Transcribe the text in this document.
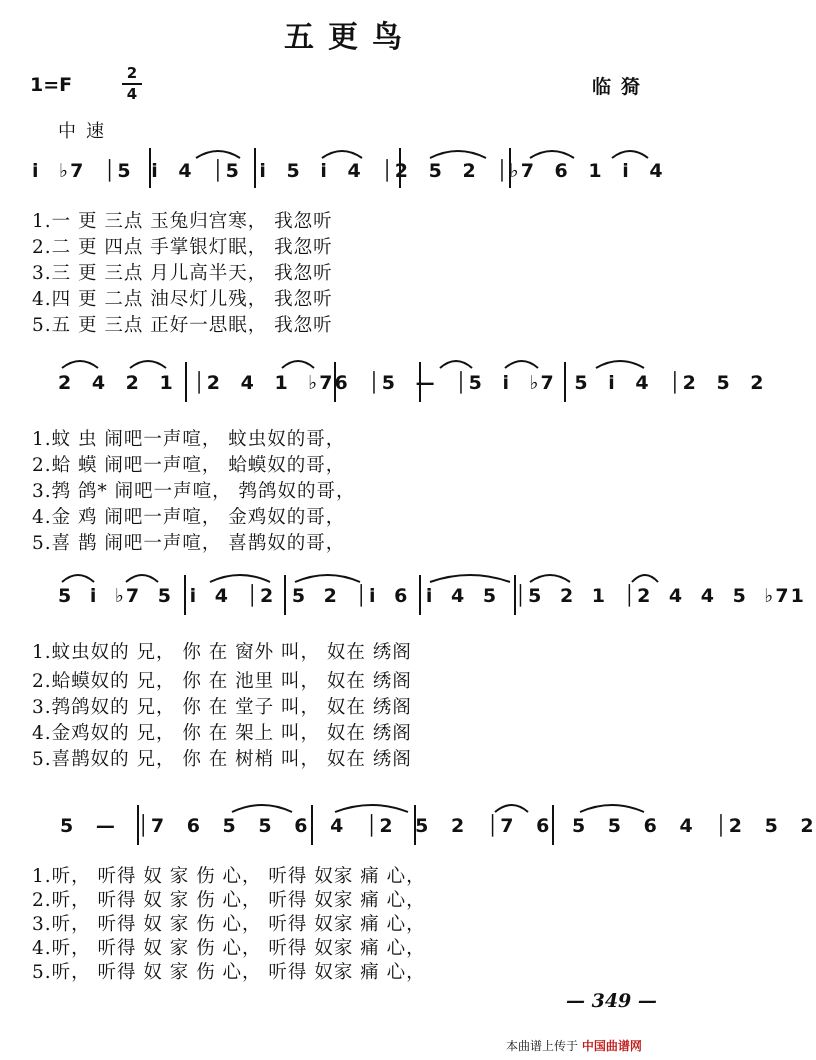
五更鸟
1=F
2
4	临猗
中速
i ♭7 │5 i 4 │5 i 5 i 4 │2 5 2 │♭7 6 1 i 4
1.一 更 三点 玉兔归宫寒， 我忽听
2.二 更 四点 手掌银灯眠， 我忽听
3.三 更 三点 月儿高半天， 我忽听
4.四 更 二点 油尽灯儿残， 我忽听
5.五 更 三点 正好一思眠， 我忽听
2 4 2 1 │2 4 1 ♭76 │5 — │5 i ♭7 5 i 4 │2 5 2
1.蚊 虫 闹吧一声喧， 蚊虫奴的哥，
2.蛤 蟆 闹吧一声喧， 蛤蟆奴的哥，
3.鹁 鸽* 闹吧一声喧， 鹁鸽奴的哥，
4.金 鸡 闹吧一声喧， 金鸡奴的哥，
5.喜 鹊 闹吧一声喧， 喜鹊奴的哥，
5 i ♭7 5 i 4 │2 5 2 │i 6 i 4 5 │5 2 1 │2 4 4 5 ♭71
1.蚊虫奴的 兄， 你 在 窗外 叫， 奴在 绣阁
2.蛤蟆奴的 兄， 你 在 池里 叫， 奴在 绣阁
3.鹁鸽奴的 兄， 你 在 堂子 叫， 奴在 绣阁
4.金鸡奴的 兄， 你 在 架上 叫， 奴在 绣阁
5.喜鹊奴的 兄， 你 在 树梢 叫， 奴在 绣阁
5 — │7 6 5 5 6 4 │2 5 2 │7 6 5 5 6 4 │2 5 2
1.听， 听得 奴 家 伤 心， 听得 奴家 痛 心，
2.听， 听得 奴 家 伤 心， 听得 奴家 痛 心，
3.听， 听得 奴 家 伤 心， 听得 奴家 痛 心，
4.听， 听得 奴 家 伤 心， 听得 奴家 痛 心，
5.听， 听得 奴 家 伤 心， 听得 奴家 痛 心，
— 349 —
本曲谱上传于 中国曲谱网
